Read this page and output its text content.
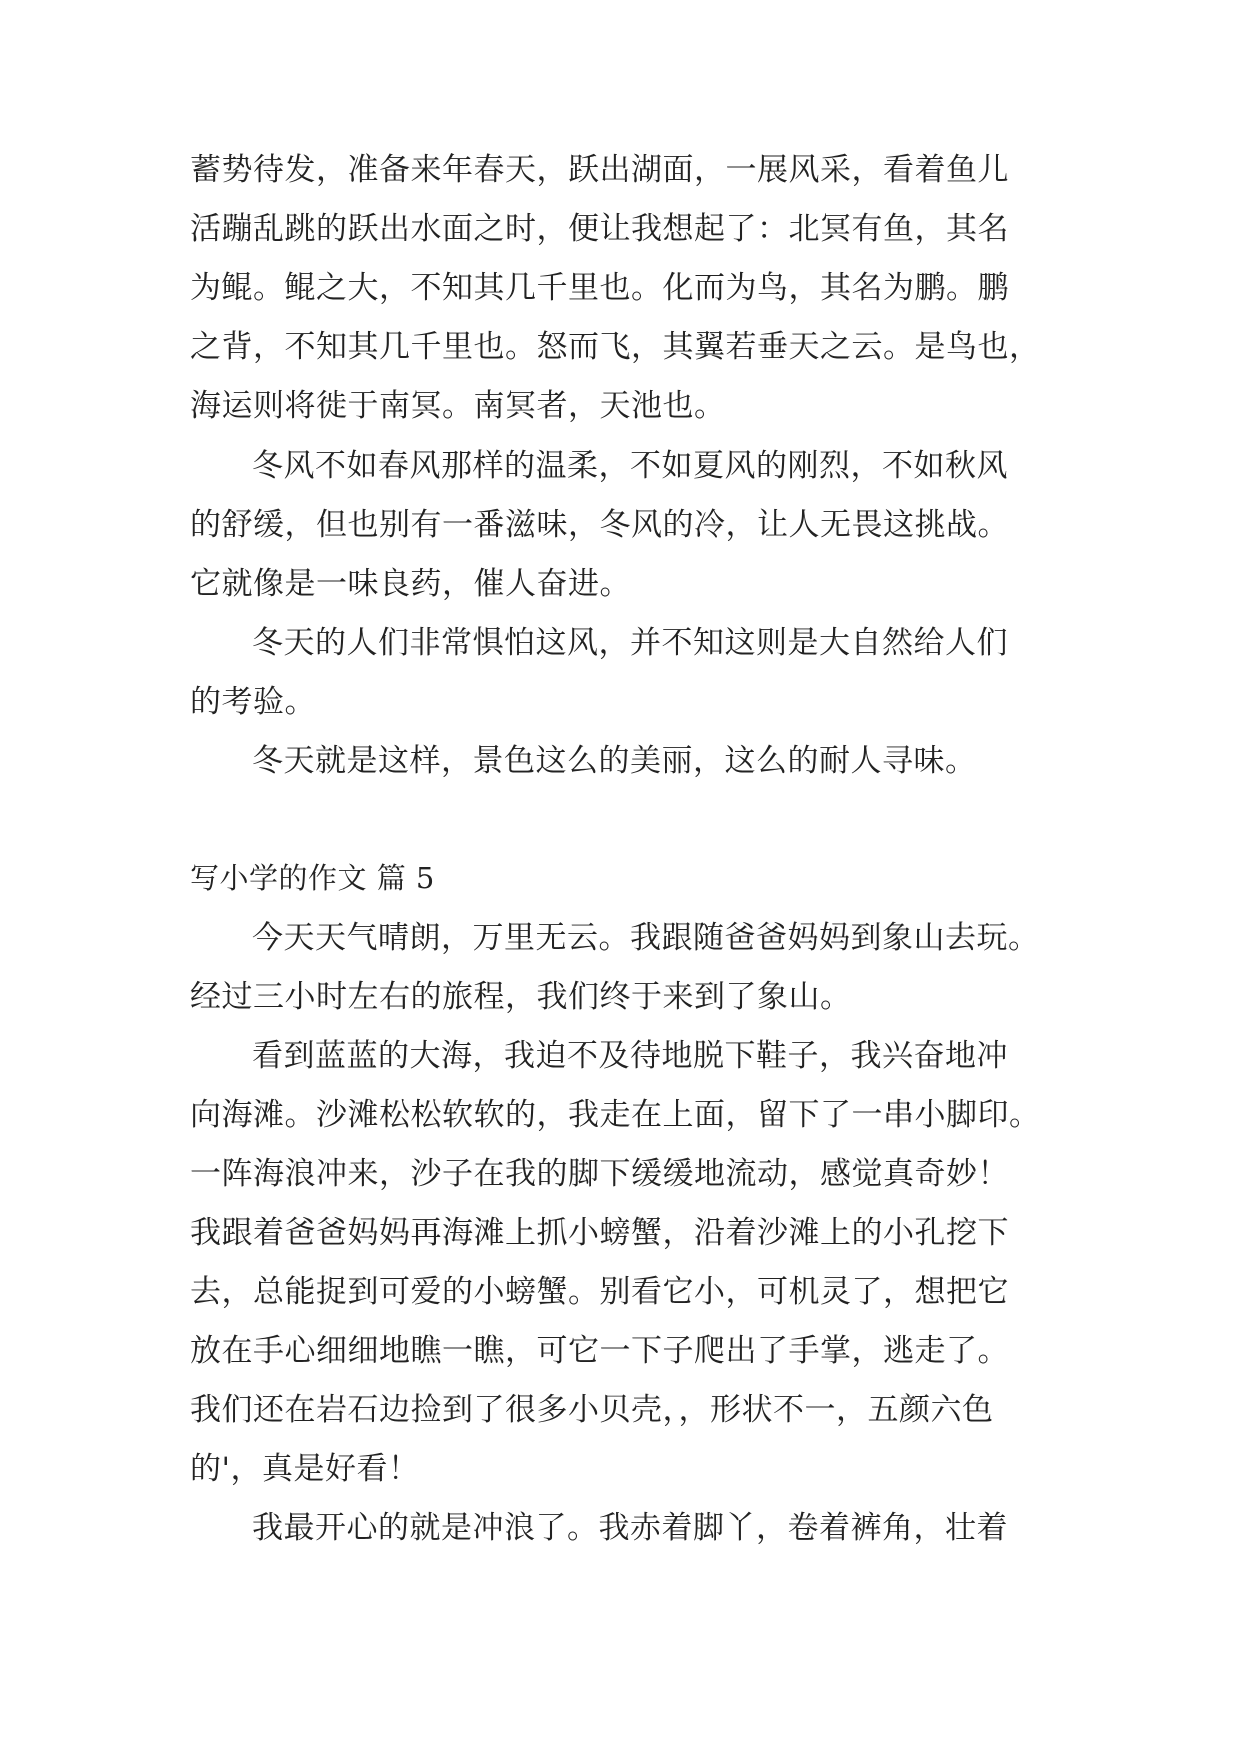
蓄势待发，准备来年春天，跃出湖面，一展风采，看着鱼儿
活蹦乱跳的跃出水面之时，便让我想起了：北冥有鱼，其名
为鲲。鲲之大，不知其几千里也。化而为鸟，其名为鹏。鹏
之背，不知其几千里也。怒而飞，其翼若垂天之云。是鸟也，
海运则将徙于南冥。南冥者，天池也。
冬风不如春风那样的温柔，不如夏风的刚烈，不如秋风
的舒缓，但也别有一番滋味，冬风的冷，让人无畏这挑战。
它就像是一味良药，催人奋进。
冬天的人们非常惧怕这风，并不知这则是大自然给人们
的考验。
冬天就是这样，景色这么的美丽，这么的耐人寻味。
写小学的作文 篇 5
今天天气晴朗，万里无云。我跟随爸爸妈妈到象山去玩。
经过三小时左右的旅程，我们终于来到了象山。
看到蓝蓝的大海，我迫不及待地脱下鞋子，我兴奋地冲
向海滩。沙滩松松软软的，我走在上面，留下了一串小脚印。
一阵海浪冲来，沙子在我的脚下缓缓地流动，感觉真奇妙！
我跟着爸爸妈妈再海滩上抓小螃蟹，沿着沙滩上的小孔挖下
去，总能捉到可爱的小螃蟹。别看它小，可机灵了，想把它
放在手心细细地瞧一瞧，可它一下子爬出了手掌，逃走了。
我们还在岩石边捡到了很多小贝壳，，形状不一，五颜六色
的'，真是好看！
我最开心的就是冲浪了。我赤着脚丫，卷着裤角，壮着
